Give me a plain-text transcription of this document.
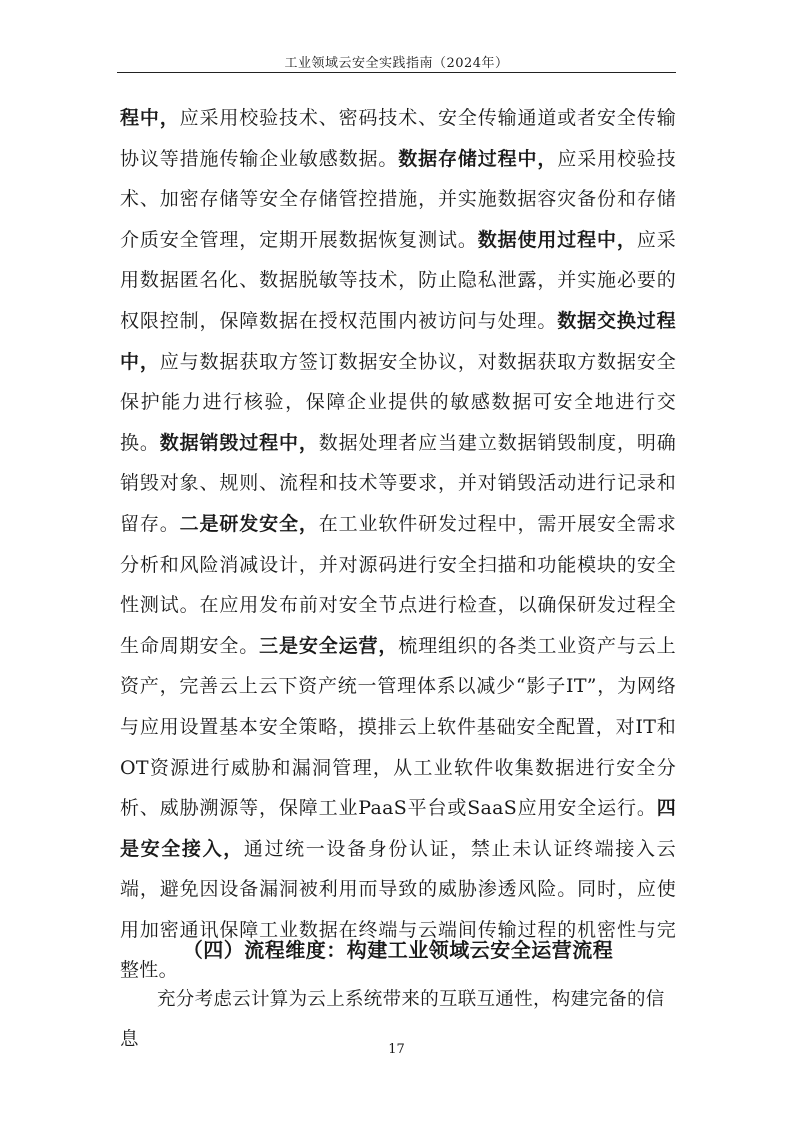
工业领域云安全实践指南（2024年）

程中，应采用校验技术、密码技术、安全传输通道或者安全传输协议等措施传输企业敏感数据。数据存储过程中，应采用校验技术、加密存储等安全存储管控措施，并实施数据容灾备份和存储介质安全管理，定期开展数据恢复测试。数据使用过程中，应采用数据匿名化、数据脱敏等技术，防止隐私泄露，并实施必要的权限控制，保障数据在授权范围内被访问与处理。数据交换过程中，应与数据获取方签订数据安全协议，对数据获取方数据安全保护能力进行核验，保障企业提供的敏感数据可安全地进行交换。数据销毁过程中，数据处理者应当建立数据销毁制度，明确销毁对象、规则、流程和技术等要求，并对销毁活动进行记录和留存。二是研发安全，在工业软件研发过程中，需开展安全需求分析和风险消减设计，并对源码进行安全扫描和功能模块的安全性测试。在应用发布前对安全节点进行检查，以确保研发过程全生命周期安全。三是安全运营，梳理组织的各类工业资产与云上资产，完善云上云下资产统一管理体系以减少“影子IT”，为网络与应用设置基本安全策略，摸排云上软件基础安全配置，对IT和OT资源进行威胁和漏洞管理，从工业软件收集数据进行安全分析、威胁溯源等，保障工业PaaS平台或SaaS应用安全运行。四是安全接入，通过统一设备身份认证，禁止未认证终端接入云端，避免因设备漏洞被利用而导致的威胁渗透风险。同时，应使用加密通讯保障工业数据在终端与云端间传输过程的机密性与完整性。

（四）流程维度：构建工业领域云安全运营流程
充分考虑云计算为云上系统带来的互联互通性，构建完备的信息	17
